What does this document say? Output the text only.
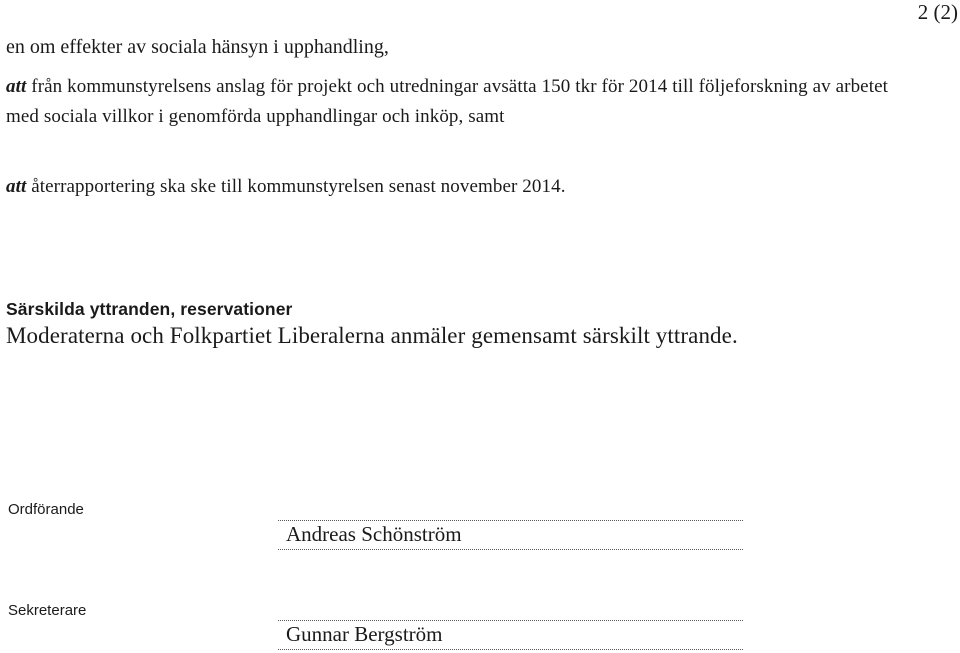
2 (2)
en om effekter av sociala hänsyn i upphandling,
att från kommunstyrelsens anslag för projekt och utredningar avsätta 150 tkr för 2014 till följeforskning av arbetet med sociala villkor i genomförda upphandlingar och inköp, samt
att återrapportering ska ske till kommunstyrelsen senast november 2014.
Särskilda yttranden, reservationer
Moderaterna och Folkpartiet Liberalerna anmäler gemensamt särskilt yttrande.
Ordförande
Andreas Schönström
Sekreterare
Gunnar Bergström
